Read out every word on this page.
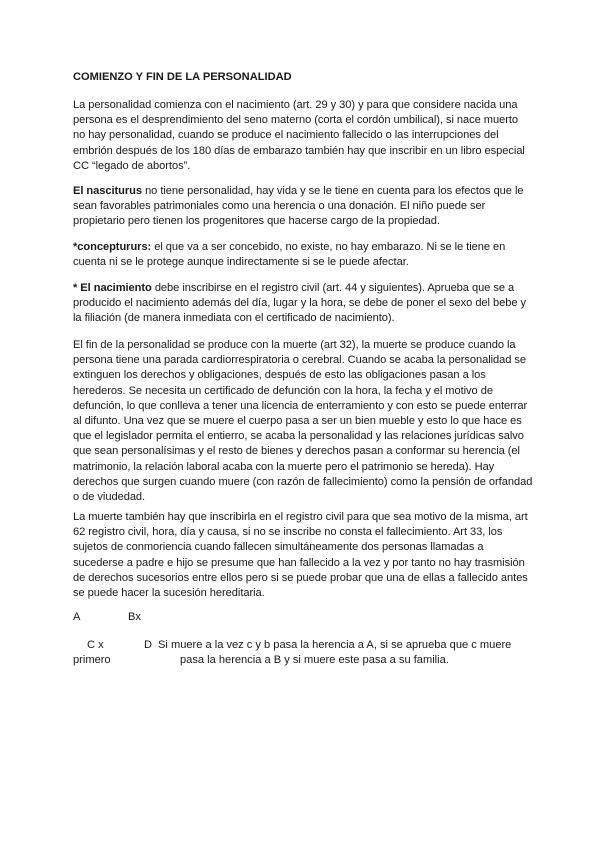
COMIENZO Y FIN DE LA PERSONALIDAD

La personalidad comienza con el nacimiento (art. 29 y 30) y para que considere nacida una persona es el desprendimiento del seno materno (corta el cordón umbilical), si nace muerto no hay personalidad, cuando se produce el nacimiento fallecido o las interrupciones del embrión después de los 180 días de embarazo también hay que inscribir en un libro especial CC “legado de abortos”.

El nasciturus no tiene personalidad, hay vida y se le tiene en cuenta para los efectos que le sean favorables patrimoniales como una herencia o una donación. El niño puede ser propietario pero tienen los progenitores que hacerse cargo de la propiedad.

*conceptururs: el que va a ser concebido, no existe, no hay embarazo. Ni se le tiene en cuenta ni se le protege aunque indirectamente si se le puede afectar.

* El nacimiento debe inscribirse en el registro civil (art. 44 y siguientes). Aprueba que se a producido el nacimiento además del día, lugar y la hora, se debe de poner el sexo del bebe y la filiación (de manera inmediata con el certificado de nacimiento).

El fin de la personalidad se produce con la muerte (art 32), la muerte se produce cuando la persona tiene una parada cardiorrespiratoria o cerebral. Cuando se acaba la personalidad se extinguen los derechos y obligaciones, después de esto las obligaciones pasan a los herederos. Se necesita un certificado de defunción con la hora, la fecha y el motivo de defunción, lo que conlleva a tener una licencia de enterramiento y con esto se puede enterrar al difunto. Una vez que se muere el cuerpo pasa a ser un bien mueble y esto lo que hace es que el legislador permita el entierro, se acaba la personalidad y las relaciones jurídicas salvo que sean personalísimas y el resto de bienes y derechos pasan a conformar su herencia (el matrimonio, la relación laboral acaba con la muerte pero el patrimonio se hereda). Hay derechos que surgen cuando muere (con razón de fallecimiento) como la pensión de orfandad o de viudedad.

La muerte también hay que inscribirla en el registro civil para que sea motivo de la misma, art 62 registro civil, hora, día y causa, si no se inscribe no consta el fallecimiento. Art 33, los sujetos de conmoriencia cuando fallecen simultáneamente dos personas llamadas a sucederse a padre e hijo se presume que han fallecido a la vez y por tanto no hay trasmisión de derechos sucesorios entre ellos pero si se puede probar que una de ellas a fallecido antes se puede hacer la sucesión hereditaria.

A	Bx
C x	D Si muere a la vez c y b pasa la herencia a A, si se aprueba que c muere
primero	pasa la herencia a B y si muere este pasa a su familia.
